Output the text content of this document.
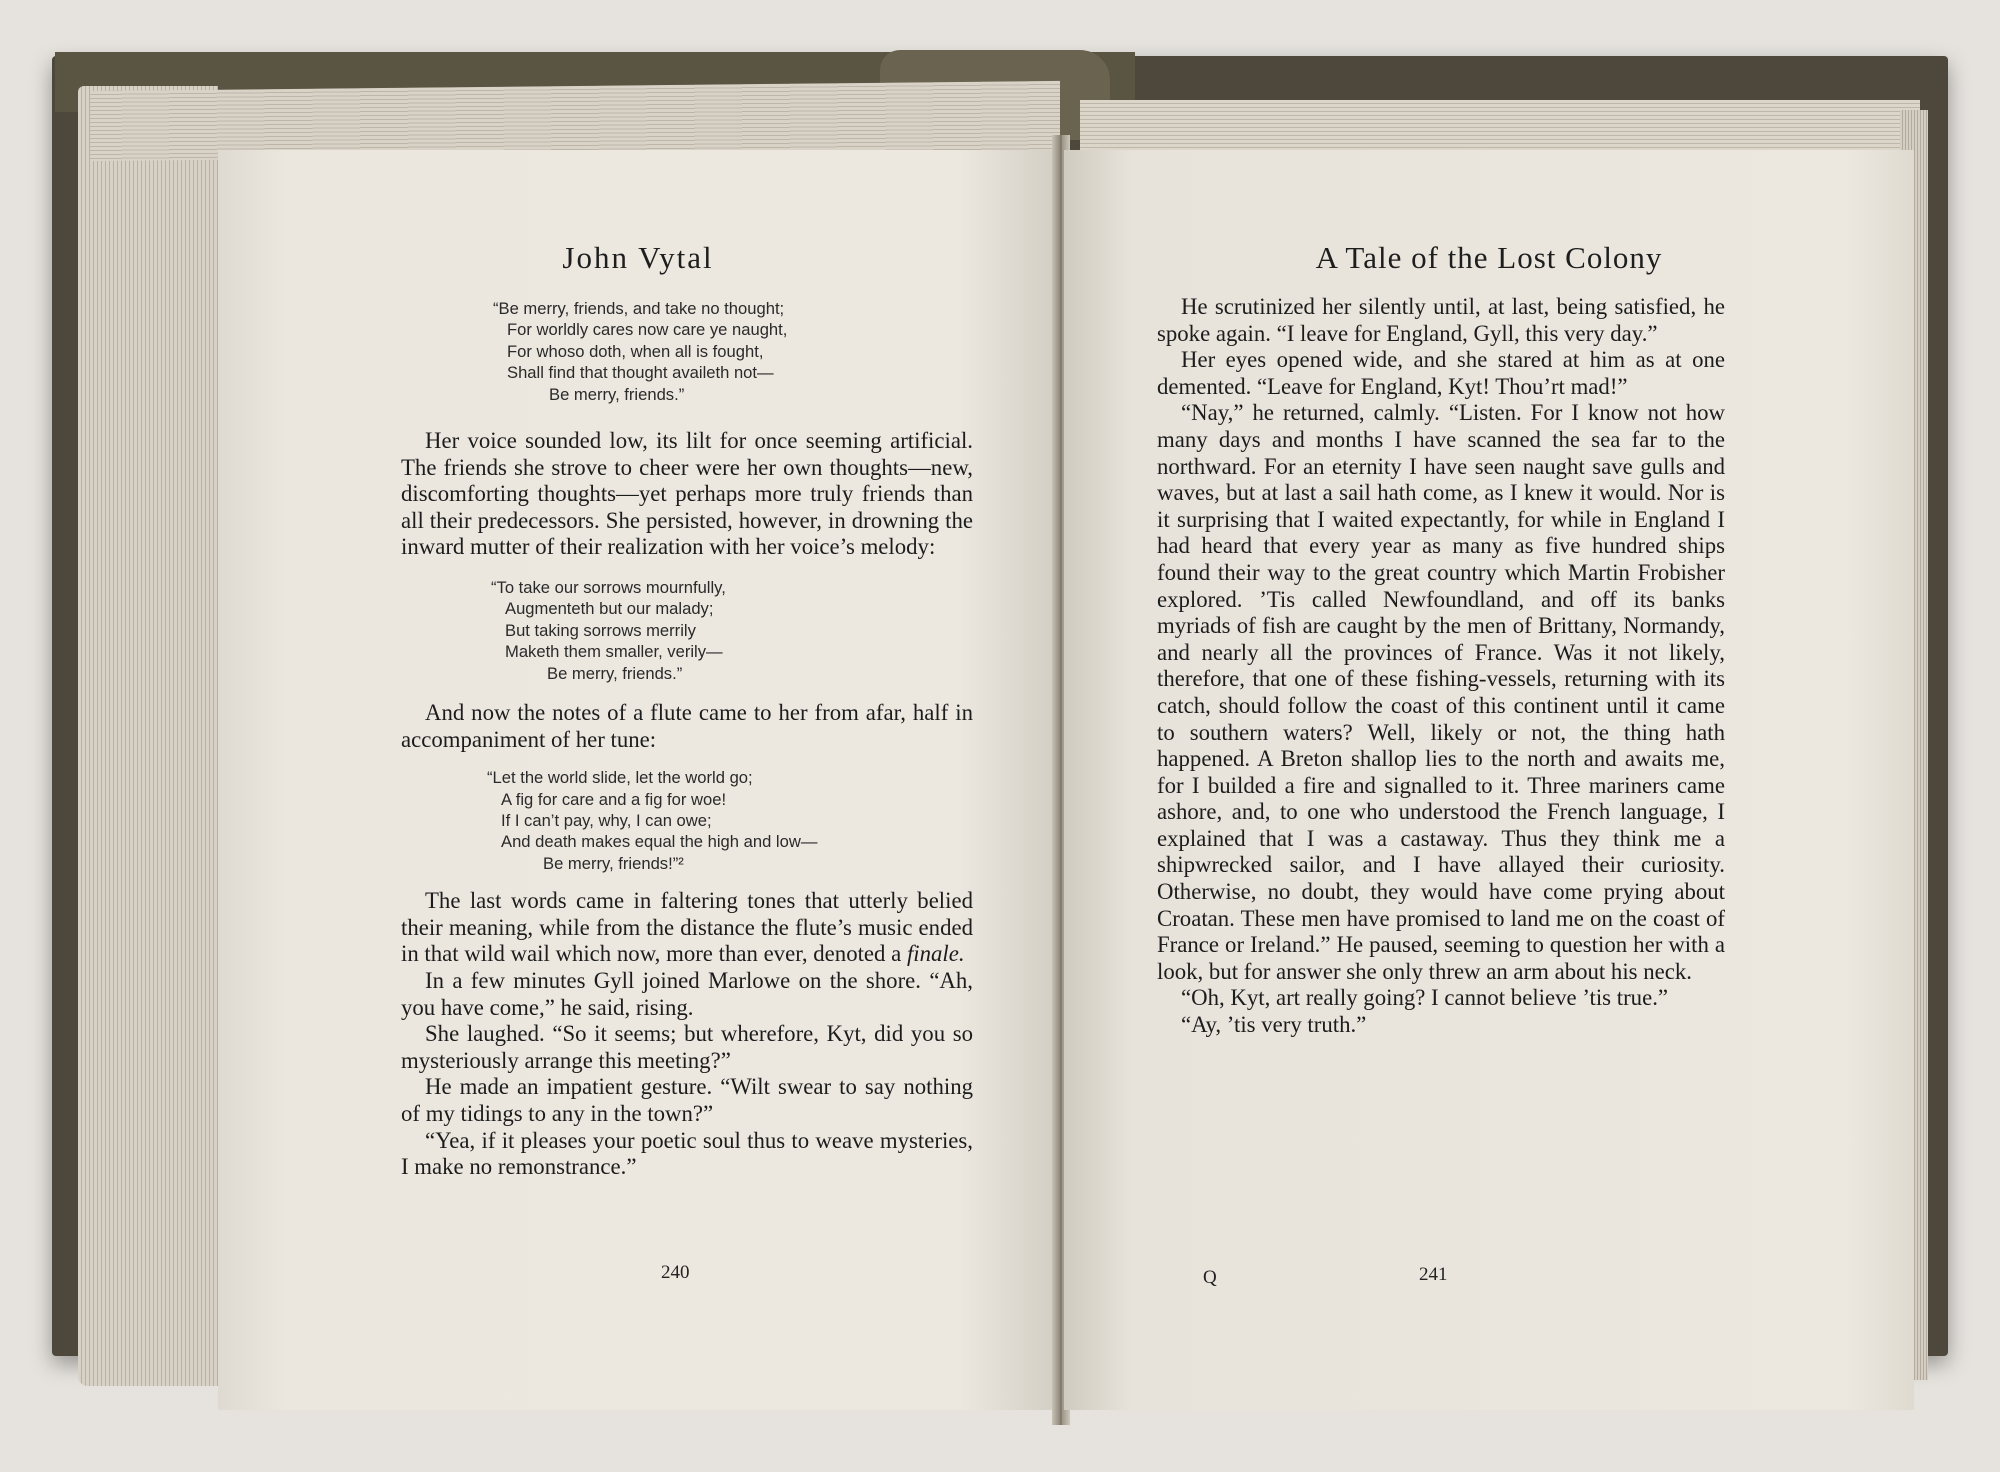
John Vytal
“Be merry, friends, and take no thought;
For worldly cares now care ye naught,
For whoso doth, when all is fought,
Shall find that thought availeth not—
Be merry, friends.”

Her voice sounded low, its lilt for once seeming artificial. The friends she strove to cheer were her own thoughts—new, discomforting thoughts—yet perhaps more truly friends than all their predecessors. She persisted, however, in drowning the inward mutter of their realization with her voice’s melody:

“To take our sorrows mournfully,
Augmenteth but our malady;
But taking sorrows merrily
Maketh them smaller, verily—
Be merry, friends.”

And now the notes of a flute came to her from afar, half in accompaniment of her tune:

“Let the world slide, let the world go;
A fig for care and a fig for woe!
If I can’t pay, why, I can owe;
And death makes equal the high and low—
Be merry, friends!”²

The last words came in faltering tones that utterly belied their meaning, while from the distance the flute’s music ended in that wild wail which now, more than ever, denoted a finale.

In a few minutes Gyll joined Marlowe on the shore. “Ah, you have come,” he said, rising.

She laughed. “So it seems; but wherefore, Kyt, did you so mysteriously arrange this meeting?”

He made an impatient gesture. “Wilt swear to say nothing of my tidings to any in the town?”

“Yea, if it pleases your poetic soul thus to weave mysteries, I make no remonstrance.”

240
A Tale of the Lost Colony

He scrutinized her silently until, at last, being satisfied, he spoke again. “I leave for England, Gyll, this very day.”

Her eyes opened wide, and she stared at him as at one demented. “Leave for England, Kyt! Thou’rt mad!”

“Nay,” he returned, calmly. “Listen. For I know not how many days and months I have scanned the sea far to the northward. For an eternity I have seen naught save gulls and waves, but at last a sail hath come, as I knew it would. Nor is it surprising that I waited expectantly, for while in England I had heard that every year as many as five hundred ships found their way to the great country which Martin Frobisher explored. ’Tis called Newfoundland, and off its banks myriads of fish are caught by the men of Brittany, Normandy, and nearly all the provinces of France. Was it not likely, therefore, that one of these fishing-vessels, returning with its catch, should follow the coast of this continent until it came to southern waters? Well, likely or not, the thing hath happened. A Breton shallop lies to the north and awaits me, for I builded a fire and signalled to it. Three mariners came ashore, and, to one who understood the French language, I explained that I was a castaway. Thus they think me a shipwrecked sailor, and I have allayed their curiosity. Otherwise, no doubt, they would have come prying about Croatan. These men have promised to land me on the coast of France or Ireland.” He paused, seeming to question her with a look, but for answer she only threw an arm about his neck.

“Oh, Kyt, art really going? I cannot believe ’tis true.”

“Ay, ’tis very truth.”

Q	241
